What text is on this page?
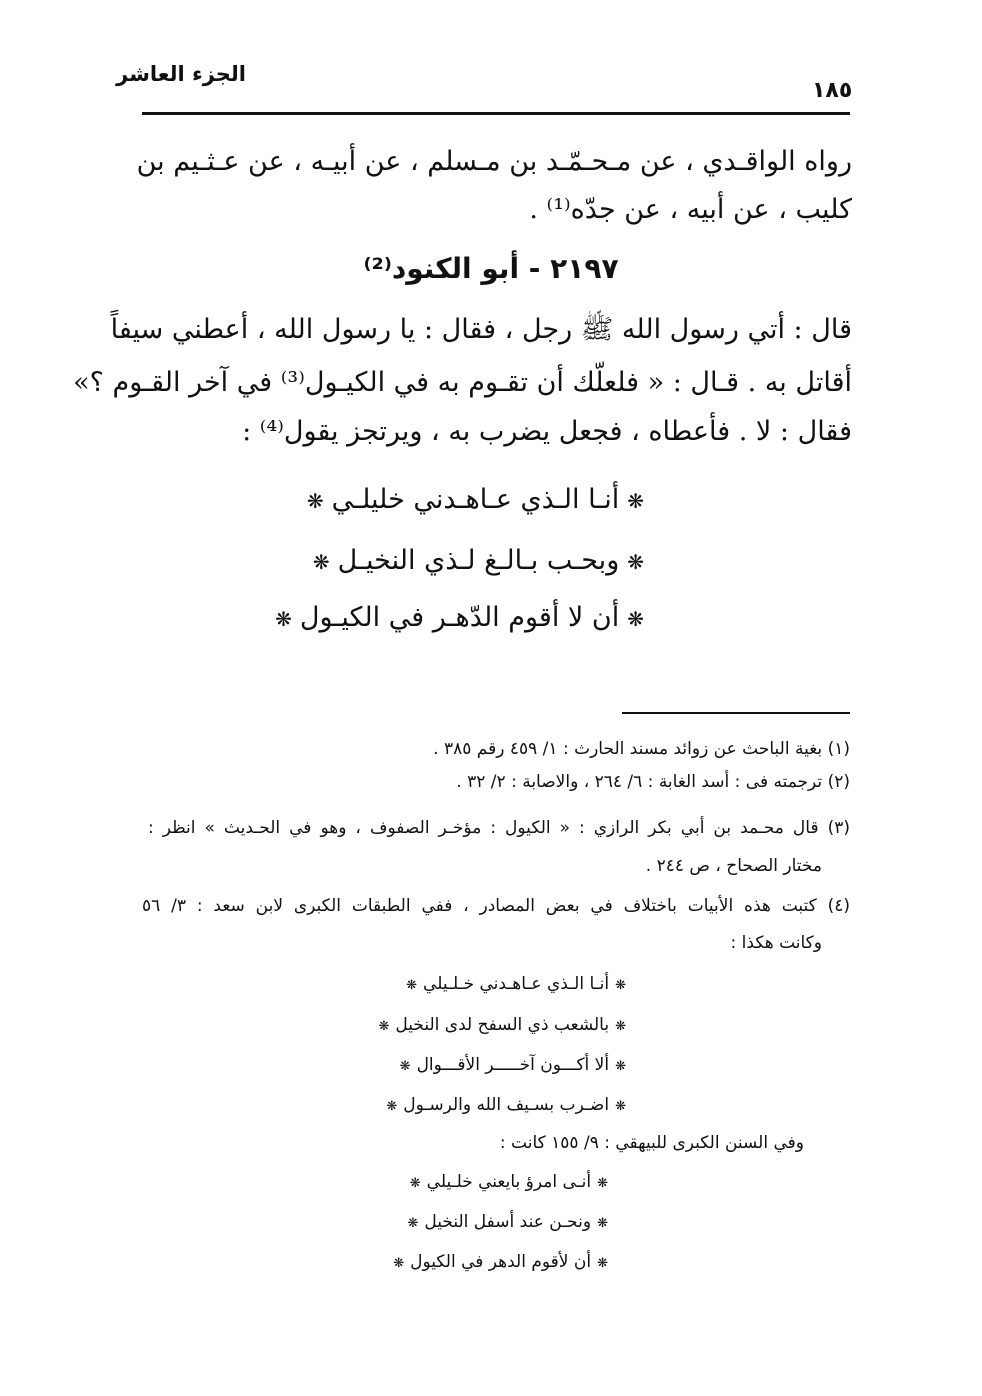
الجزء العاشر
١٨٥
رواه الواقـدي ، عن مـحـمّـد بن مـسلم ، عن أبيـه ، عن عـثـيم بن
كليب ، عن أبيه ، عن جدّه⁽¹⁾ .
٢١٩٧ - أبو الكنود⁽²⁾
قال : أتي رسول الله ﷺ رجل ، فقال : يا رسول الله ، أعطني سيفاً
أقاتل به . قـال : « فلعلّك أن تقـوم به في الكيـول⁽³⁾ في آخر القـوم ؟»
فقال : لا . فأعطاه ، فجعل يضرب به ، ويرتجز يقول⁽⁴⁾ :
❋أنـا الـذي عـاهـدني خليلـي❋
❋وبحـب بـالـغ لـذي النخيـل❋
❋أن لا أقوم الدّهـر في الكيـول❋
(١) بغية الباحث عن زوائد مسند الحارث : ١/ ٤٥٩ رقم ٣٨٥ .
(٢) ترجمته فى : أسد الغابة : ٦/ ٢٦٤ ، والاصابة : ٢/ ٣٢ .
(٣) قال محـمد بن أبي بكر الرازي : « الكيول : مؤخـر الصفوف ، وهو في الحـديث » انظر :
مختار الصحاح ، ص ٢٤٤ .
(٤) كتبت هذه الأبيات باختلاف في بعض المصادر ، ففي الطبقات الكبرى لابن سعد : ٣/ ٥٦
وكانت هكذا :
❋أنـا الـذي عـاهـدني خـلـيلي❋
❋بالشعب ذي السفح لدى النخيل❋
❋ألا أكـــون آخـــــر الأقـــوال❋
❋اضـرب بسـيف الله والرسـول❋
وفي السنن الكبرى للبيهقي : ٩/ ١٥٥ كانت :
❋أنـى امرؤ بايعني خلـيلي❋
❋ونحـن عند أسفل النخيل❋
❋أن لأقوم الدهر في الكيول❋
